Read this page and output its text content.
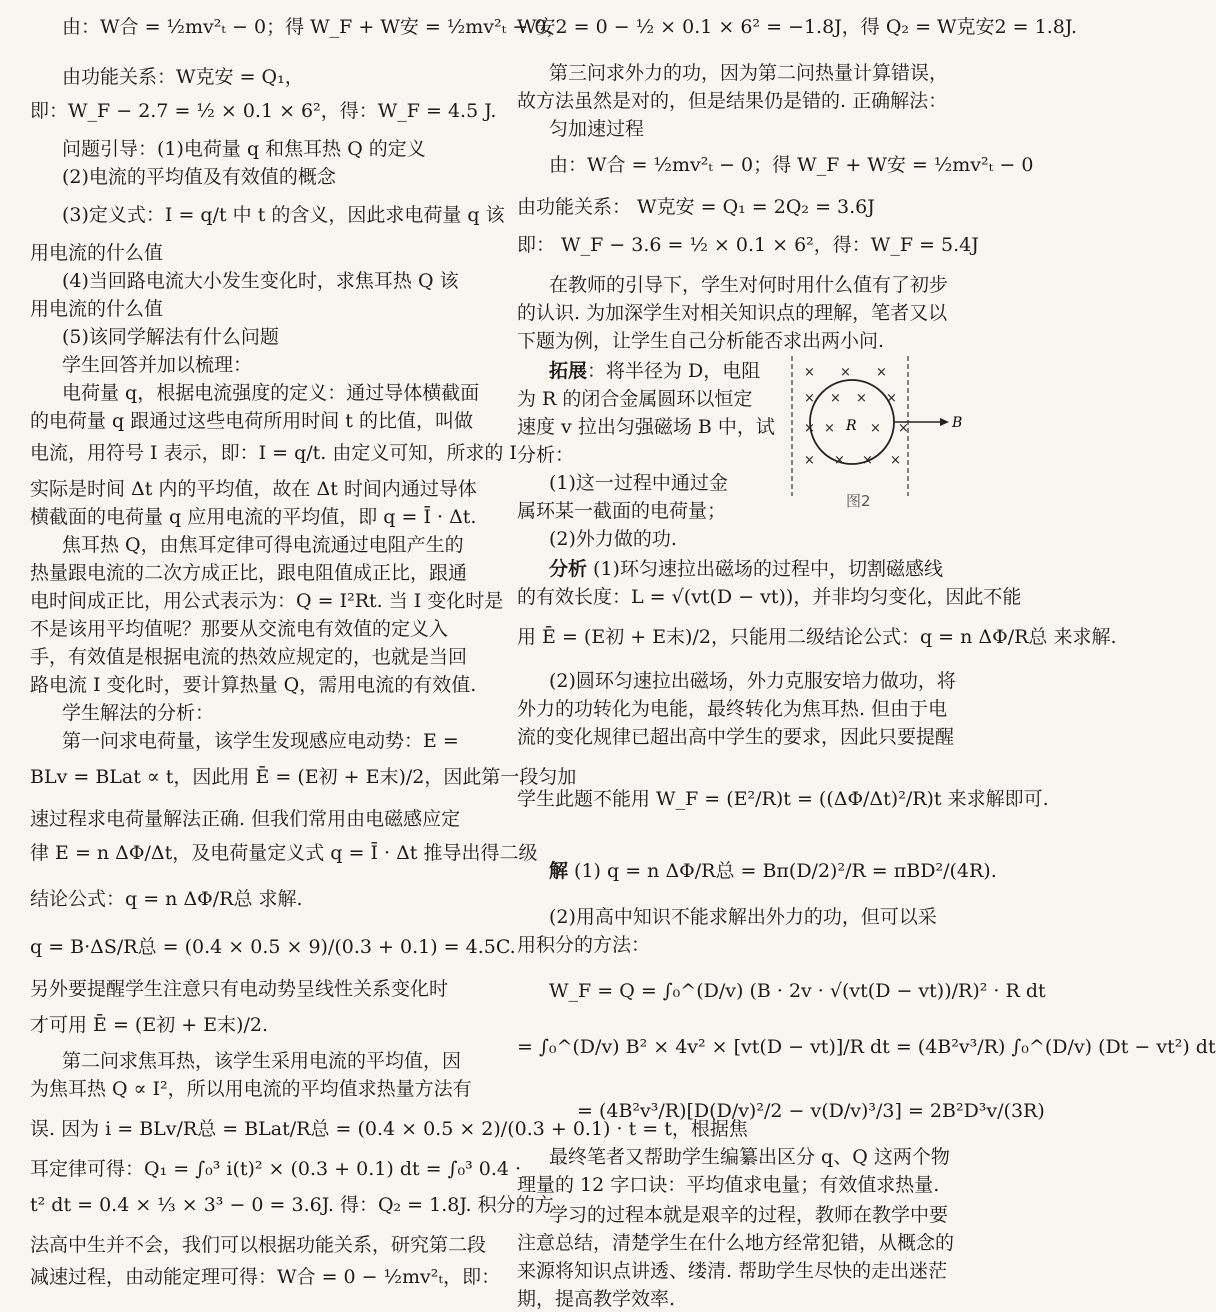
由：W合 = ½mv²ₜ − 0；得 W_F + W安 = ½mv²ₜ − 0，
由功能关系：W克安 = Q₁，
即：W_F − 2.7 = ½ × 0.1 × 6²，得：W_F = 4.5 J.
问题引导：(1)电荷量 q 和焦耳热 Q 的定义
(2)电流的平均值及有效值的概念
(3)定义式：I = q/t 中 t 的含义，因此求电荷量 q 该
用电流的什么值
(4)当回路电流大小发生变化时，求焦耳热 Q 该
用电流的什么值
(5)该同学解法有什么问题
学生回答并加以梳理：
电荷量 q，根据电流强度的定义：通过导体横截面
的电荷量 q 跟通过这些电荷所用时间 t 的比值，叫做
电流，用符号 I 表示，即：I = q/t. 由定义可知，所求的 I
实际是时间 Δt 内的平均值，故在 Δt 时间内通过导体
横截面的电荷量 q 应用电流的平均值，即 q = Ī · Δt.
焦耳热 Q，由焦耳定律可得电流通过电阻产生的
热量跟电流的二次方成正比，跟电阻值成正比，跟通
电时间成正比，用公式表示为：Q = I²Rt. 当 I 变化时是
不是该用平均值呢？那要从交流电有效值的定义入
手，有效值是根据电流的热效应规定的，也就是当回
路电流 I 变化时，要计算热量 Q，需用电流的有效值.
学生解法的分析：
第一问求电荷量，该学生发现感应电动势：E =
BLv = BLat ∝ t，因此用 Ē = (E初 + E末)/2，因此第一段匀加
速过程求电荷量解法正确. 但我们常用由电磁感应定
律 E = n ΔΦ/Δt，及电荷量定义式 q = Ī · Δt 推导出得二级
结论公式：q = n ΔΦ/R总 求解.
q = B·ΔS/R总 = (0.4 × 0.5 × 9)/(0.3 + 0.1) = 4.5C.
另外要提醒学生注意只有电动势呈线性关系变化时
才可用 Ē = (E初 + E末)/2.
第二问求焦耳热，该学生采用电流的平均值，因
为焦耳热 Q ∝ I²，所以用电流的平均值求热量方法有
误. 因为 i = BLv/R总 = BLat/R总 = (0.4 × 0.5 × 2)/(0.3 + 0.1) · t = t，根据焦
耳定律可得：Q₁ = ∫₀³ i(t)² × (0.3 + 0.1) dt = ∫₀³ 0.4 ·
t² dt = 0.4 × ⅓ × 3³ − 0 = 3.6J. 得：Q₂ = 1.8J. 积分的方
法高中生并不会，我们可以根据功能关系，研究第二段
减速过程，由动能定理可得：W合 = 0 − ½mv²ₜ，即：
W安2 = 0 − ½ × 0.1 × 6² = −1.8J，得 Q₂ = W克安2 = 1.8J.
第三问求外力的功，因为第二问热量计算错误，
故方法虽然是对的，但是结果仍是错的. 正确解法：
匀加速过程
由：W合 = ½mv²ₜ − 0；得 W_F + W安 = ½mv²ₜ − 0
由功能关系： W克安 = Q₁ = 2Q₂ = 3.6J
即： W_F − 3.6 = ½ × 0.1 × 6²，得：W_F = 5.4J
在教师的引导下，学生对何时用什么值有了初步
的认识. 为加深学生对相关知识点的理解，笔者又以
下题为例，让学生自己分析能否求出两小问.
拓展：将半径为 D，电阻
为 R 的闭合金属圆环以恒定
速度 v 拉出匀强磁场 B 中，试
分析：
(1)这一过程中通过金
属环某一截面的电荷量；
(2)外力做的功.
分析 (1)环匀速拉出磁场的过程中，切割磁感线
的有效长度：L = √(vt(D − vt))，并非均匀变化，因此不能
用 Ē = (E初 + E末)/2，只能用二级结论公式：q = n ΔΦ/R总 来求解.
(2)圆环匀速拉出磁场，外力克服安培力做功，将
外力的功转化为电能，最终转化为焦耳热. 但由于电
流的变化规律已超出高中学生的要求，因此只要提醒
学生此题不能用 W_F = (E²/R)t = ((ΔΦ/Δt)²/R)t 来求解即可.
解 (1) q = n ΔΦ/R总 = Bπ(D/2)²/R = πBD²/(4R).
(2)用高中知识不能求解出外力的功，但可以采
用积分的方法：
W_F = Q = ∫₀^(D/v) (B · 2v · √(vt(D − vt))/R)² · R dt
= ∫₀^(D/v) B² × 4v² × [vt(D − vt)]/R dt = (4B²v³/R) ∫₀^(D/v) (Dt − vt²) dt
= (4B²v³/R)[D(D/v)²/2 − v(D/v)³/3] = 2B²D³v/(3R)
最终笔者又帮助学生编纂出区分 q、Q 这两个物
理量的 12 字口诀：平均值求电量；有效值求热量.
学习的过程本就是艰辛的过程，教师在教学中要
注意总结，清楚学生在什么地方经常犯错，从概念的
来源将知识点讲透、缕清. 帮助学生尽快的走出迷茫
期，提高教学效率.
× × ×
× × × ×
× ×	× ×
× × × ×
R	B
图2
